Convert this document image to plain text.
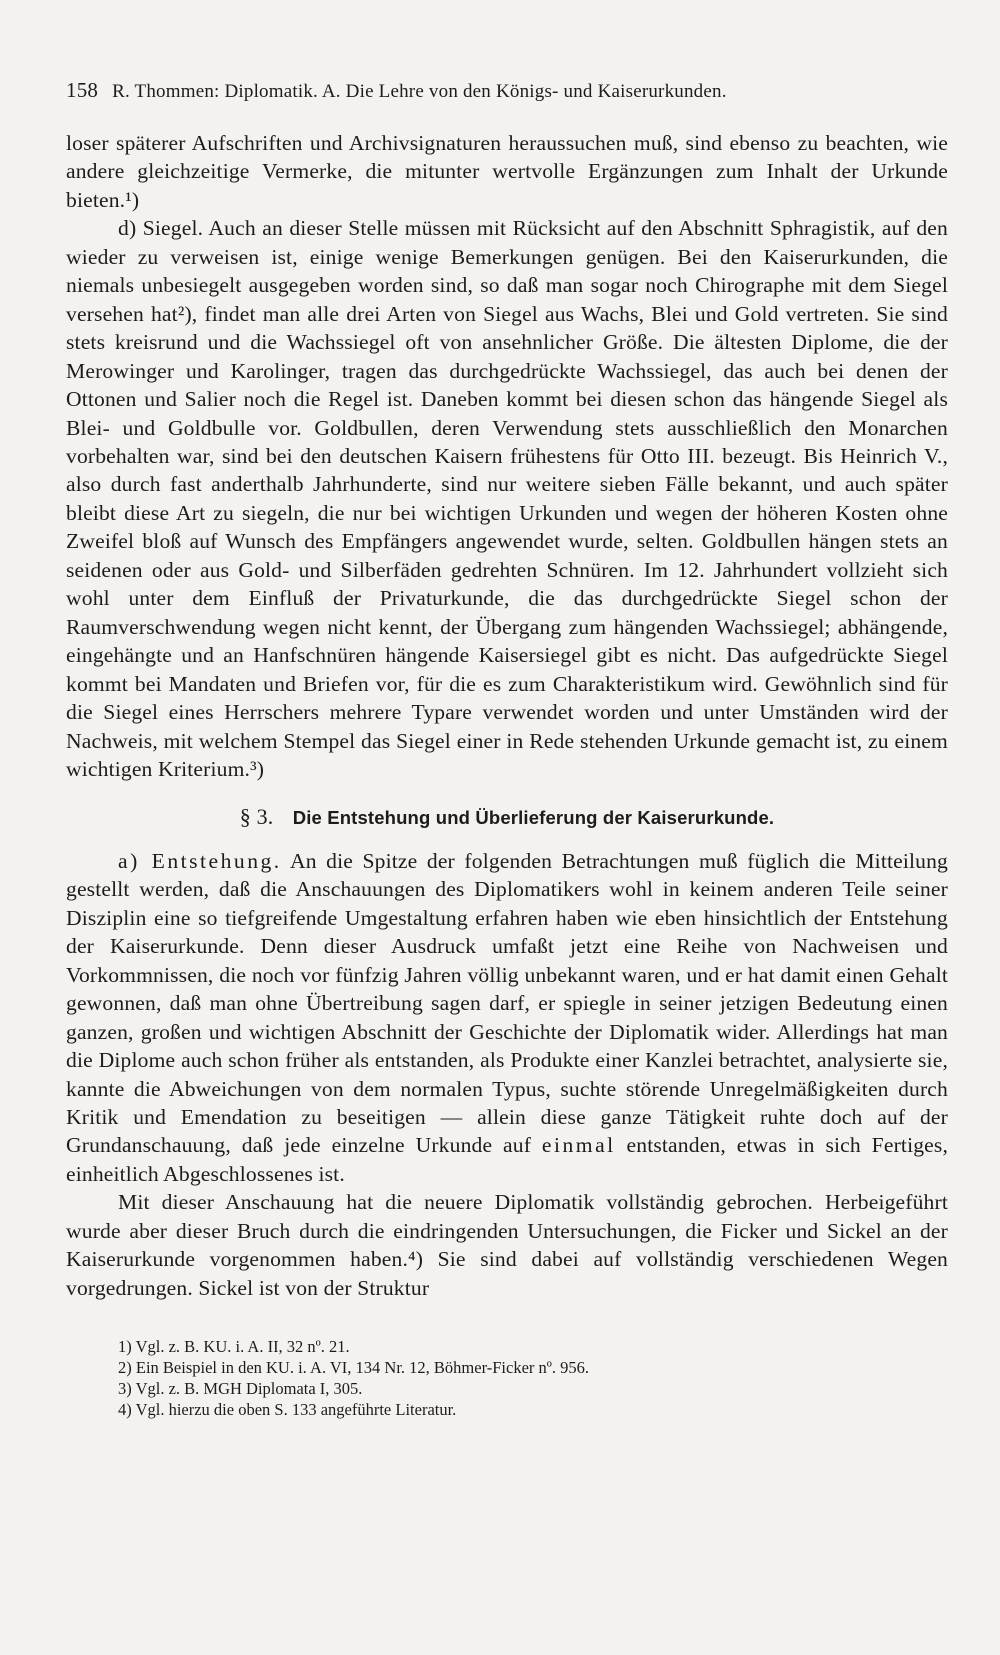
158 R. Thommen: Diplomatik. A. Die Lehre von den Königs- und Kaiserurkunden.

loser späterer Aufschriften und Archivsignaturen heraussuchen muß, sind ebenso zu beachten, wie andere gleichzeitige Vermerke, die mitunter wertvolle Ergänzungen zum Inhalt der Urkunde bieten.¹)

d) Siegel. Auch an dieser Stelle müssen mit Rücksicht auf den Abschnitt Sphragistik, auf den wieder zu verweisen ist, einige wenige Bemerkungen genügen. Bei den Kaiserurkunden, die niemals unbesiegelt ausgegeben worden sind, so daß man sogar noch Chirographe mit dem Siegel versehen hat²), findet man alle drei Arten von Siegel aus Wachs, Blei und Gold vertreten. Sie sind stets kreisrund und die Wachssiegel oft von ansehnlicher Größe. Die ältesten Diplome, die der Merowinger und Karolinger, tragen das durchgedrückte Wachssiegel, das auch bei denen der Ottonen und Salier noch die Regel ist. Daneben kommt bei diesen schon das hängende Siegel als Blei- und Goldbulle vor. Goldbullen, deren Verwendung stets ausschließlich den Monarchen vorbehalten war, sind bei den deutschen Kaisern frühestens für Otto III. bezeugt. Bis Heinrich V., also durch fast anderthalb Jahrhunderte, sind nur weitere sieben Fälle bekannt, und auch später bleibt diese Art zu siegeln, die nur bei wichtigen Urkunden und wegen der höheren Kosten ohne Zweifel bloß auf Wunsch des Empfängers angewendet wurde, selten. Goldbullen hängen stets an seidenen oder aus Gold- und Silberfäden gedrehten Schnüren. Im 12. Jahrhundert vollzieht sich wohl unter dem Einfluß der Privaturkunde, die das durchgedrückte Siegel schon der Raumverschwendung wegen nicht kennt, der Übergang zum hängenden Wachssiegel; abhängende, eingehängte und an Hanfschnüren hängende Kaisersiegel gibt es nicht. Das aufgedrückte Siegel kommt bei Mandaten und Briefen vor, für die es zum Charakteristikum wird. Gewöhnlich sind für die Siegel eines Herrschers mehrere Typare verwendet worden und unter Umständen wird der Nachweis, mit welchem Stempel das Siegel einer in Rede stehenden Urkunde gemacht ist, zu einem wichtigen Kriterium.³)

§ 3. Die Entstehung und Überlieferung der Kaiserurkunde.

a) Entstehung. An die Spitze der folgenden Betrachtungen muß füglich die Mitteilung gestellt werden, daß die Anschauungen des Diplomatikers wohl in keinem anderen Teile seiner Disziplin eine so tiefgreifende Umgestaltung erfahren haben wie eben hinsichtlich der Entstehung der Kaiserurkunde. Denn dieser Ausdruck umfaßt jetzt eine Reihe von Nachweisen und Vorkommnissen, die noch vor fünfzig Jahren völlig unbekannt waren, und er hat damit einen Gehalt gewonnen, daß man ohne Übertreibung sagen darf, er spiegle in seiner jetzigen Bedeutung einen ganzen, großen und wichtigen Abschnitt der Geschichte der Diplomatik wider. Allerdings hat man die Diplome auch schon früher als entstanden, als Produkte einer Kanzlei betrachtet, analysierte sie, kannte die Abweichungen von dem normalen Typus, suchte störende Unregelmäßigkeiten durch Kritik und Emendation zu beseitigen — allein diese ganze Tätigkeit ruhte doch auf der Grundanschauung, daß jede einzelne Urkunde auf einmal entstanden, etwas in sich Fertiges, einheitlich Abgeschlossenes ist.

Mit dieser Anschauung hat die neuere Diplomatik vollständig gebrochen. Herbeigeführt wurde aber dieser Bruch durch die eindringenden Untersuchungen, die Ficker und Sickel an der Kaiserurkunde vorgenommen haben.⁴) Sie sind dabei auf vollständig verschiedenen Wegen vorgedrungen. Sickel ist von der Struktur

1) Vgl. z. B. KU. i. A. II, 32 nº. 21.

2) Ein Beispiel in den KU. i. A. VI, 134 Nr. 12, Böhmer-Ficker nº. 956.

3) Vgl. z. B. MGH Diplomata I, 305.

4) Vgl. hierzu die oben S. 133 angeführte Literatur.
